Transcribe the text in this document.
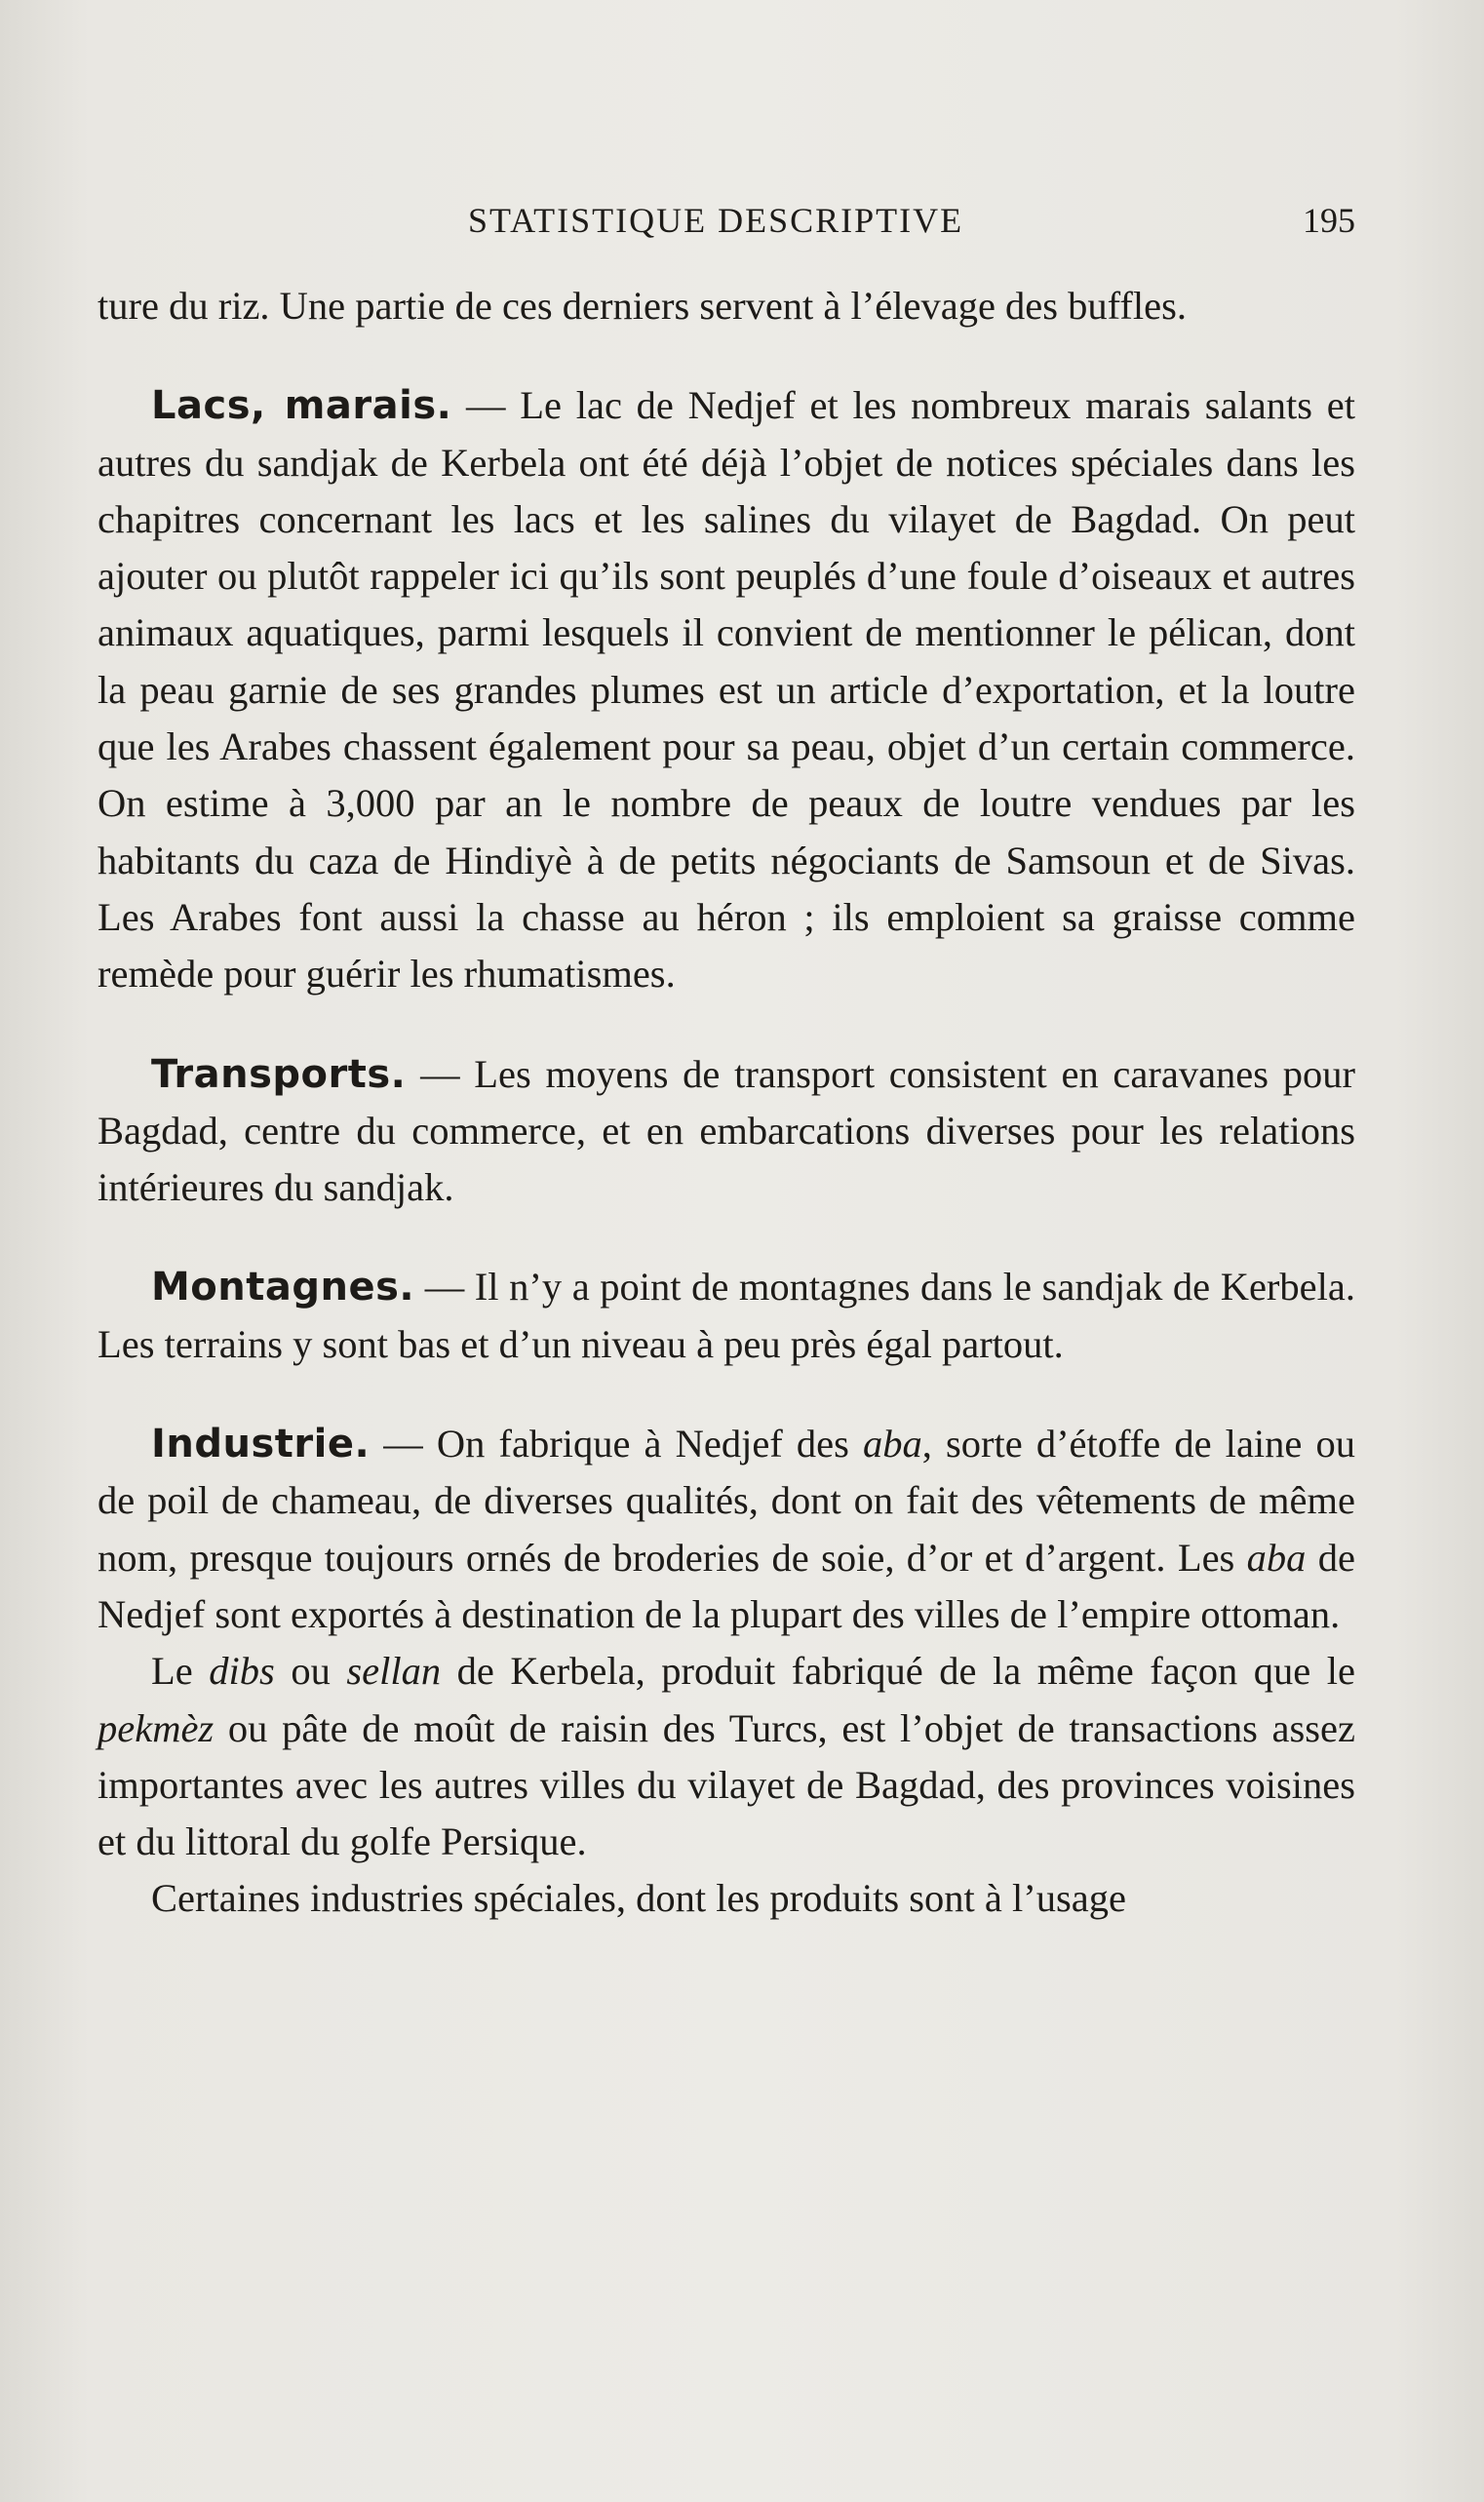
STATISTIQUE DESCRIPTIVE	195

ture du riz. Une partie de ces derniers servent à l’élevage des buffles.

Lacs, marais. — Le lac de Nedjef et les nombreux marais salants et autres du sandjak de Kerbela ont été déjà l’objet de notices spéciales dans les chapitres concernant les lacs et les salines du vilayet de Bagdad. On peut ajouter ou plutôt rappeler ici qu’ils sont peuplés d’une foule d’oiseaux et autres animaux aquatiques, parmi lesquels il convient de mentionner le pélican, dont la peau garnie de ses grandes plumes est un article d’exportation, et la loutre que les Arabes chassent également pour sa peau, objet d’un certain commerce. On estime à 3,000 par an le nombre de peaux de loutre vendues par les habitants du caza de Hindiyè à de petits négociants de Samsoun et de Sivas. Les Arabes font aussi la chasse au héron ; ils emploient sa graisse comme remède pour guérir les rhumatismes.

Transports. — Les moyens de transport consistent en caravanes pour Bagdad, centre du commerce, et en embarcations diverses pour les relations intérieures du sandjak.

Montagnes. — Il n’y a point de montagnes dans le sandjak de Kerbela. Les terrains y sont bas et d’un niveau à peu près égal partout.

Industrie. — On fabrique à Nedjef des aba, sorte d’étoffe de laine ou de poil de chameau, de diverses qualités, dont on fait des vêtements de même nom, presque toujours ornés de broderies de soie, d’or et d’argent. Les aba de Nedjef sont exportés à destination de la plupart des villes de l’empire ottoman.

Le dibs ou sellan de Kerbela, produit fabriqué de la même façon que le pekmèz ou pâte de moût de raisin des Turcs, est l’objet de transactions assez importantes avec les autres villes du vilayet de Bagdad, des provinces voisines et du littoral du golfe Persique.

Certaines industries spéciales, dont les produits sont à l’usage
